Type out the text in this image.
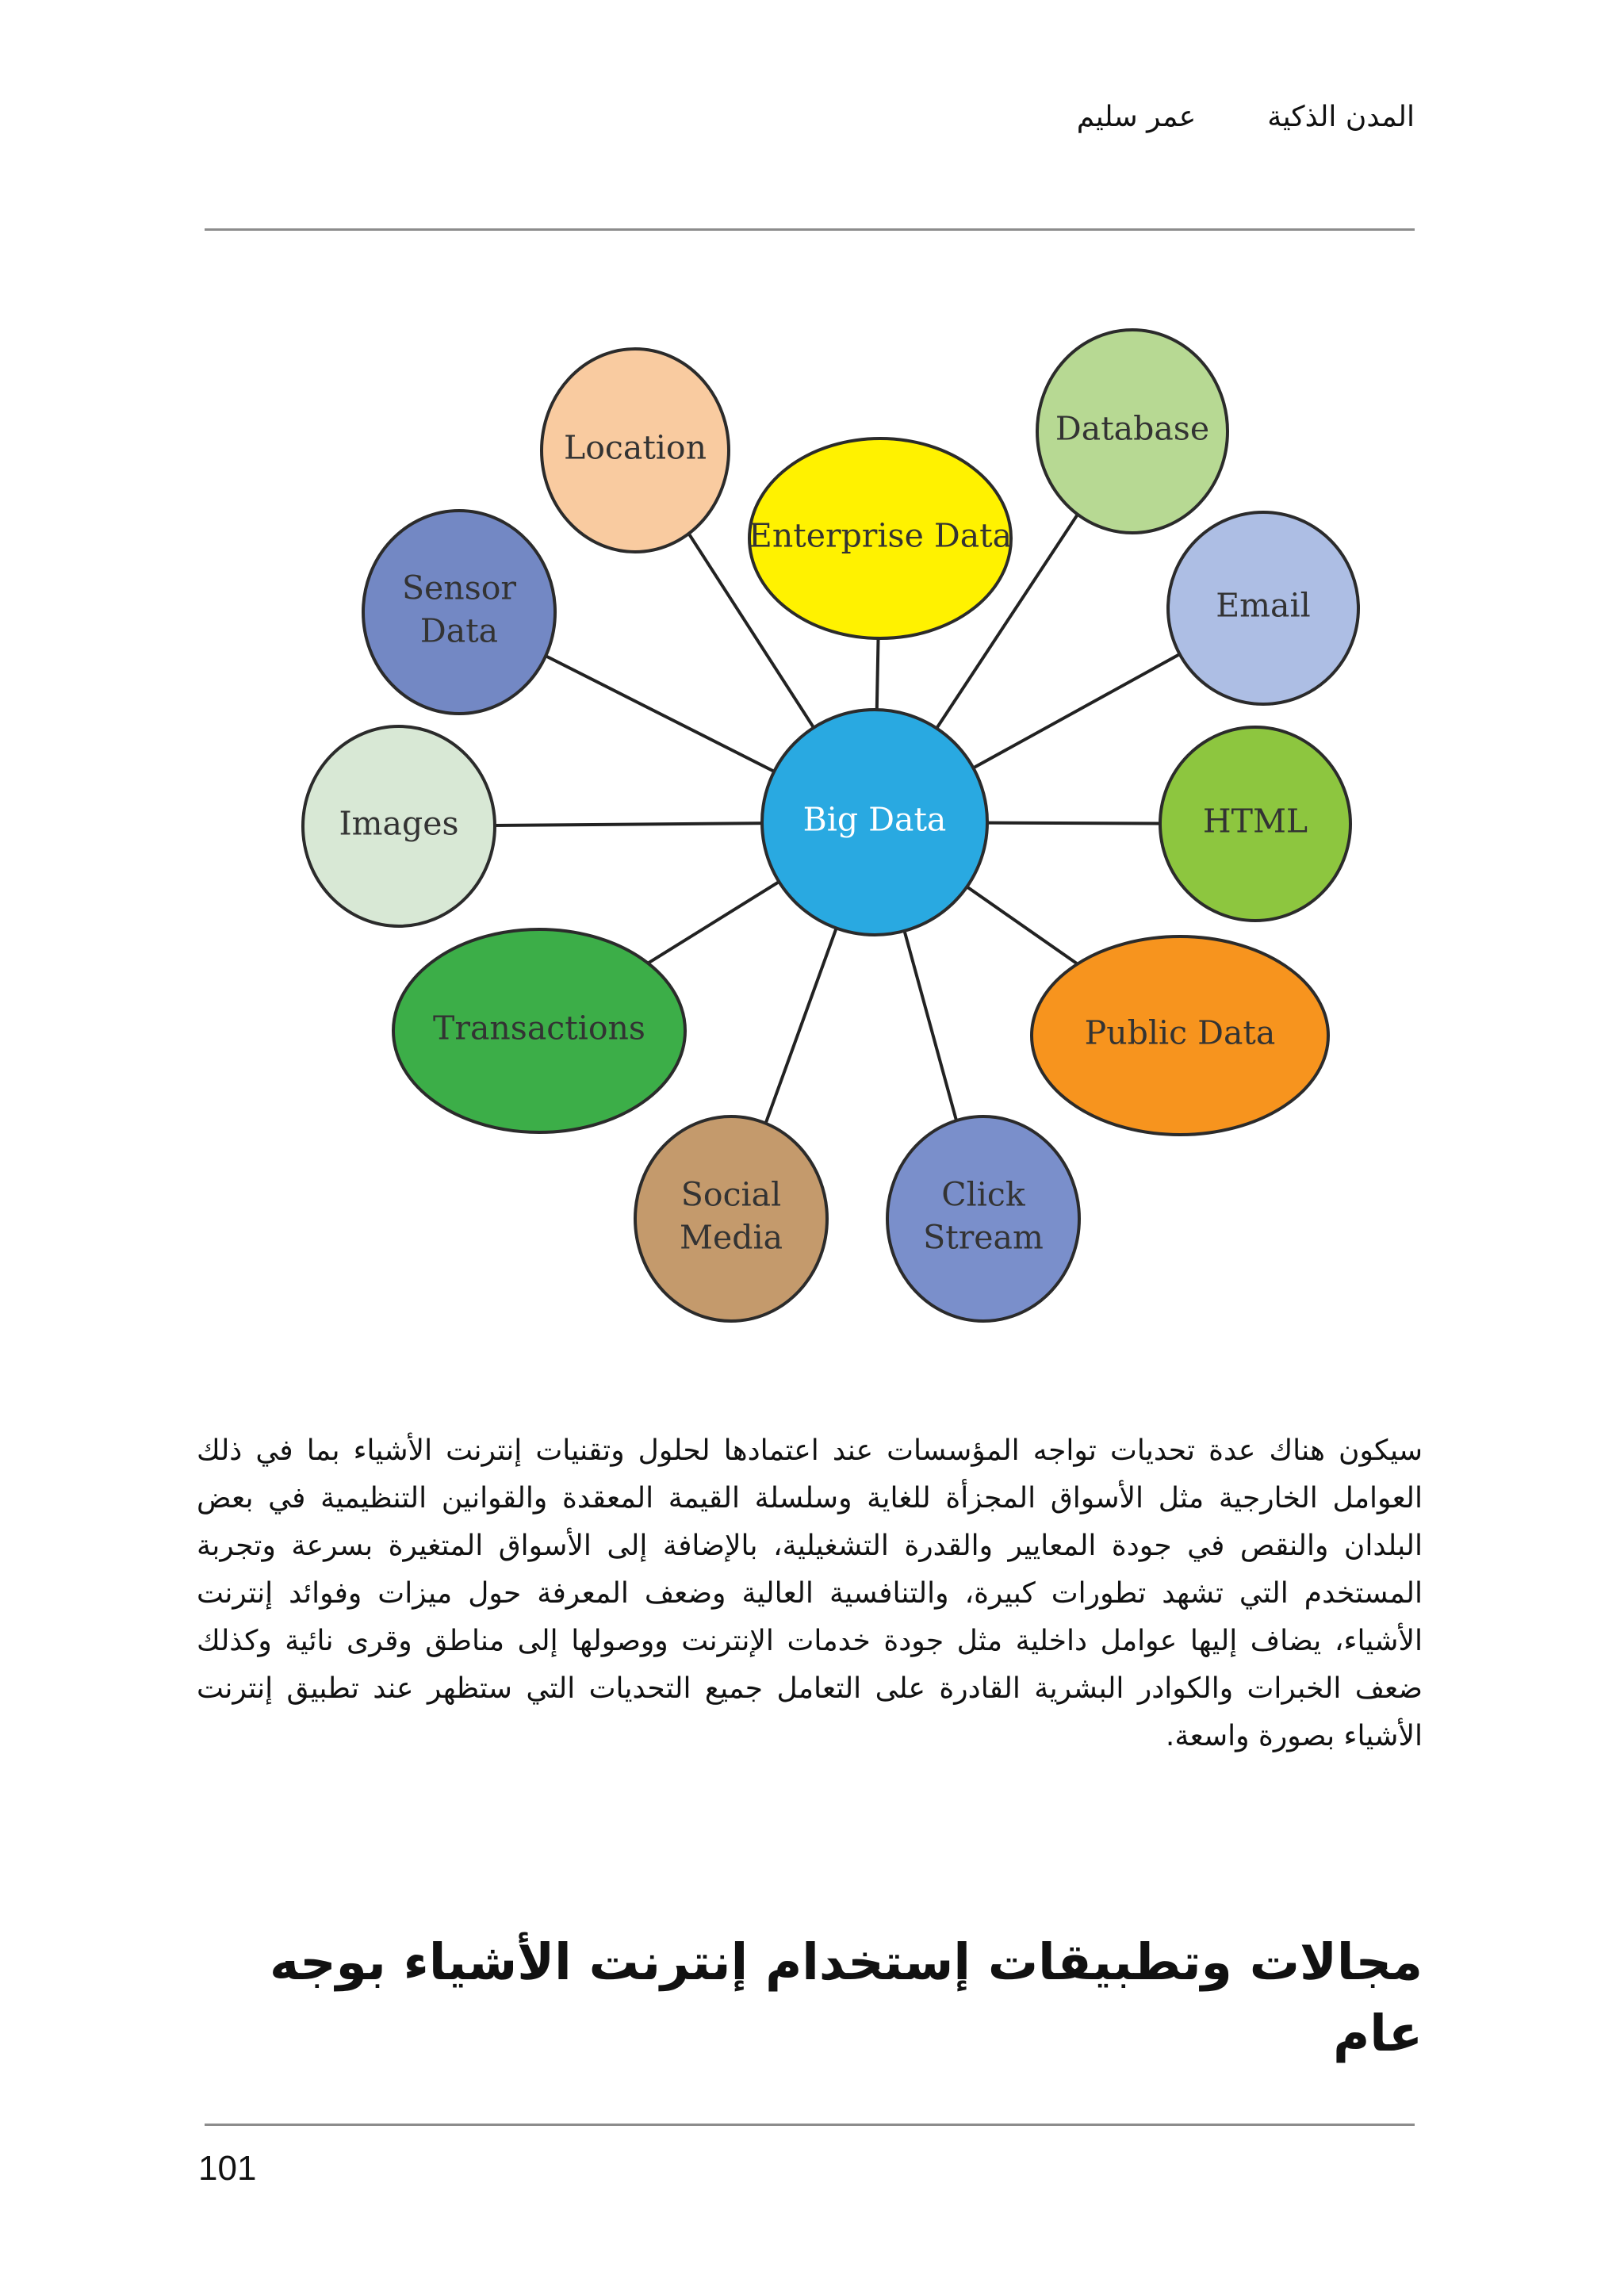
المدن الذكيةعمر سليم
Location
Enterprise Data
Database
Sensor
Data
Email
Images	HTML
Transactions	Public Data
Social
Media
Click
Stream
Big Data

سيكون هناك عدة تحديات تواجه المؤسسات عند اعتمادها لحلول وتقنيات إنترنت الأشياء بما في ذلك العوامل الخارجية مثل الأسواق المجزأة للغاية وسلسلة القيمة المعقدة والقوانين التنظيمية في بعض البلدان والنقص في جودة المعايير والقدرة التشغيلية، بالإضافة إلى الأسواق المتغيرة بسرعة وتجربة المستخدم التي تشهد تطورات كبيرة، والتنافسية العالية وضعف المعرفة حول ميزات وفوائد إنترنت الأشياء، يضاف إليها عوامل داخلية مثل جودة خدمات الإنترنت ووصولها إلى مناطق وقرى نائية وكذلك ضعف الخبرات والكوادر البشرية القادرة على التعامل جميع التحديات التي ستظهر عند تطبيق إنترنت الأشياء بصورة واسعة.

مجالات وتطبيقات إستخدام إنترنت الأشياء بوجه عام
101
